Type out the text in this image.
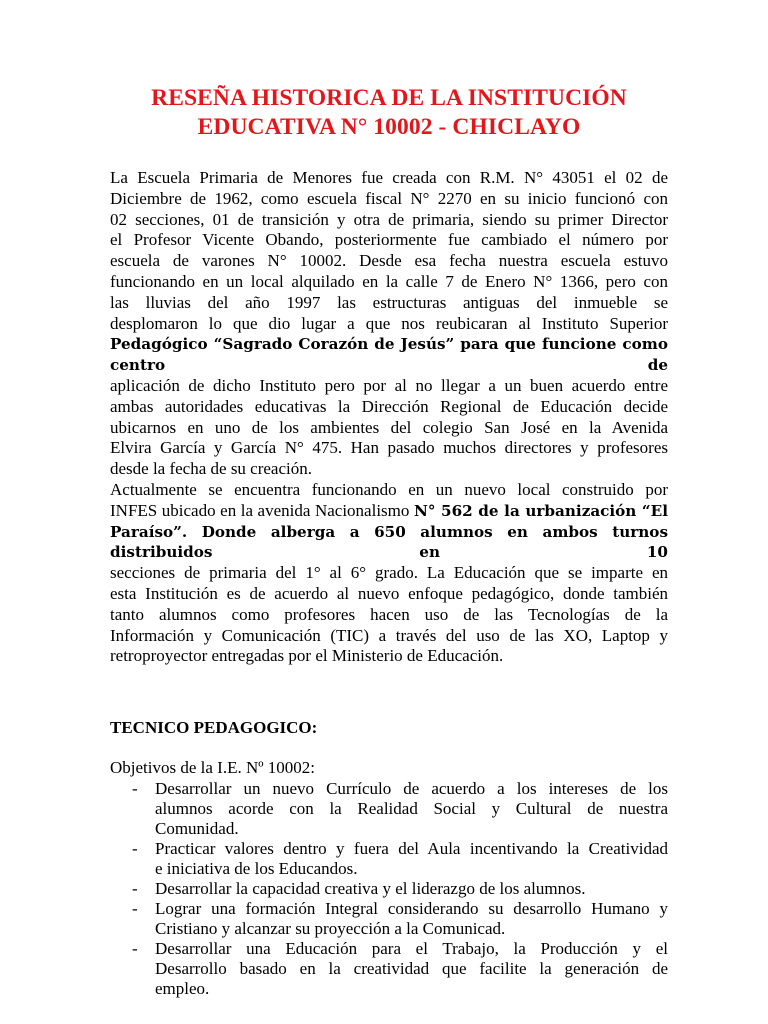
RESEÑA HISTORICA DE LA INSTITUCIÓN
EDUCATIVA N° 10002 - CHICLAYO

La Escuela Primaria de Menores fue creada con R.M. N° 43051 el 02 de
Diciembre de 1962, como escuela fiscal N° 2270 en su inicio funcionó con
02 secciones, 01 de transición y otra de primaria, siendo su primer Director
el Profesor Vicente Obando, posteriormente fue cambiado el número por
escuela de varones N° 10002. Desde esa fecha nuestra escuela estuvo
funcionando en un local alquilado en la calle 7 de Enero N° 1366, pero con
las lluvias del año 1997 las estructuras antiguas del inmueble se
desplomaron lo que dio lugar a que nos reubicaran al Instituto Superior
Pedagógico “Sagrado Corazón de Jesús” para que funcione como centro de
aplicación de dicho Instituto pero por al no llegar a un buen acuerdo entre
ambas autoridades educativas la Dirección Regional de Educación decide
ubicarnos en uno de los ambientes del colegio San José en la Avenida
Elvira García y García N° 475. Han pasado muchos directores y profesores
desde la fecha de su creación.

Actualmente se encuentra funcionando en un nuevo local construido por
INFES ubicado en la avenida Nacionalismo N° 562 de la urbanización “El
Paraíso”. Donde alberga a 650 alumnos en ambos turnos distribuidos en 10
secciones de primaria del 1° al 6° grado. La Educación que se imparte en
esta Institución es de acuerdo al nuevo enfoque pedagógico, donde también
tanto alumnos como profesores hacen uso de las Tecnologías de la
Información y Comunicación (TIC) a través del uso de las XO, Laptop y
retroproyector entregadas por el Ministerio de Educación.

TECNICO PEDAGOGICO:

Objetivos de la I.E. Nº 10002:

- Desarrollar un nuevo Currículo de acuerdo a los intereses de los
alumnos acorde con la Realidad Social y Cultural de nuestra
Comunidad.
- Practicar valores dentro y fuera del Aula incentivando la Creatividad
e iniciativa de los Educandos.
- Desarrollar la capacidad creativa y el liderazgo de los alumnos.
- Lograr una formación Integral considerando su desarrollo Humano y
Cristiano y alcanzar su proyección a la Comunicad.
- Desarrollar una Educación para el Trabajo, la Producción y el
Desarrollo basado en la creatividad que facilite la generación de
empleo.
